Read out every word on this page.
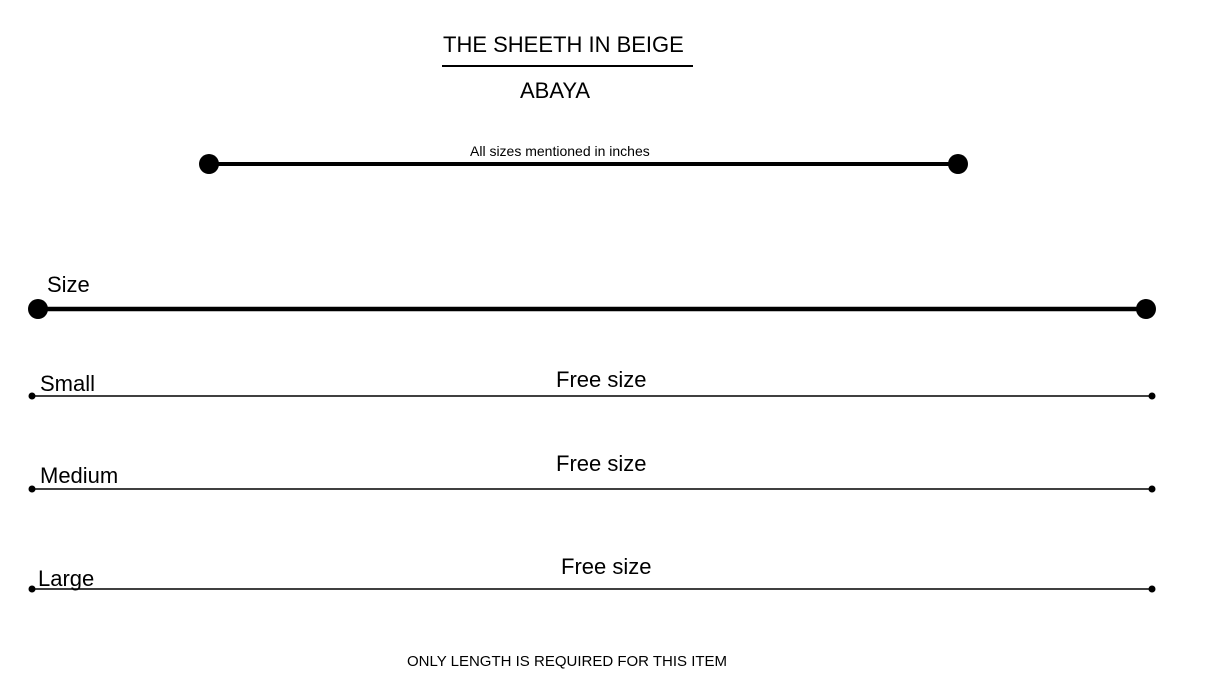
THE SHEETH IN BEIGE
ABAYA
All sizes mentioned in inches
Size
Small	Free size
Medium	Free size
Large	Free size
ONLY LENGTH IS REQUIRED FOR THIS ITEM
